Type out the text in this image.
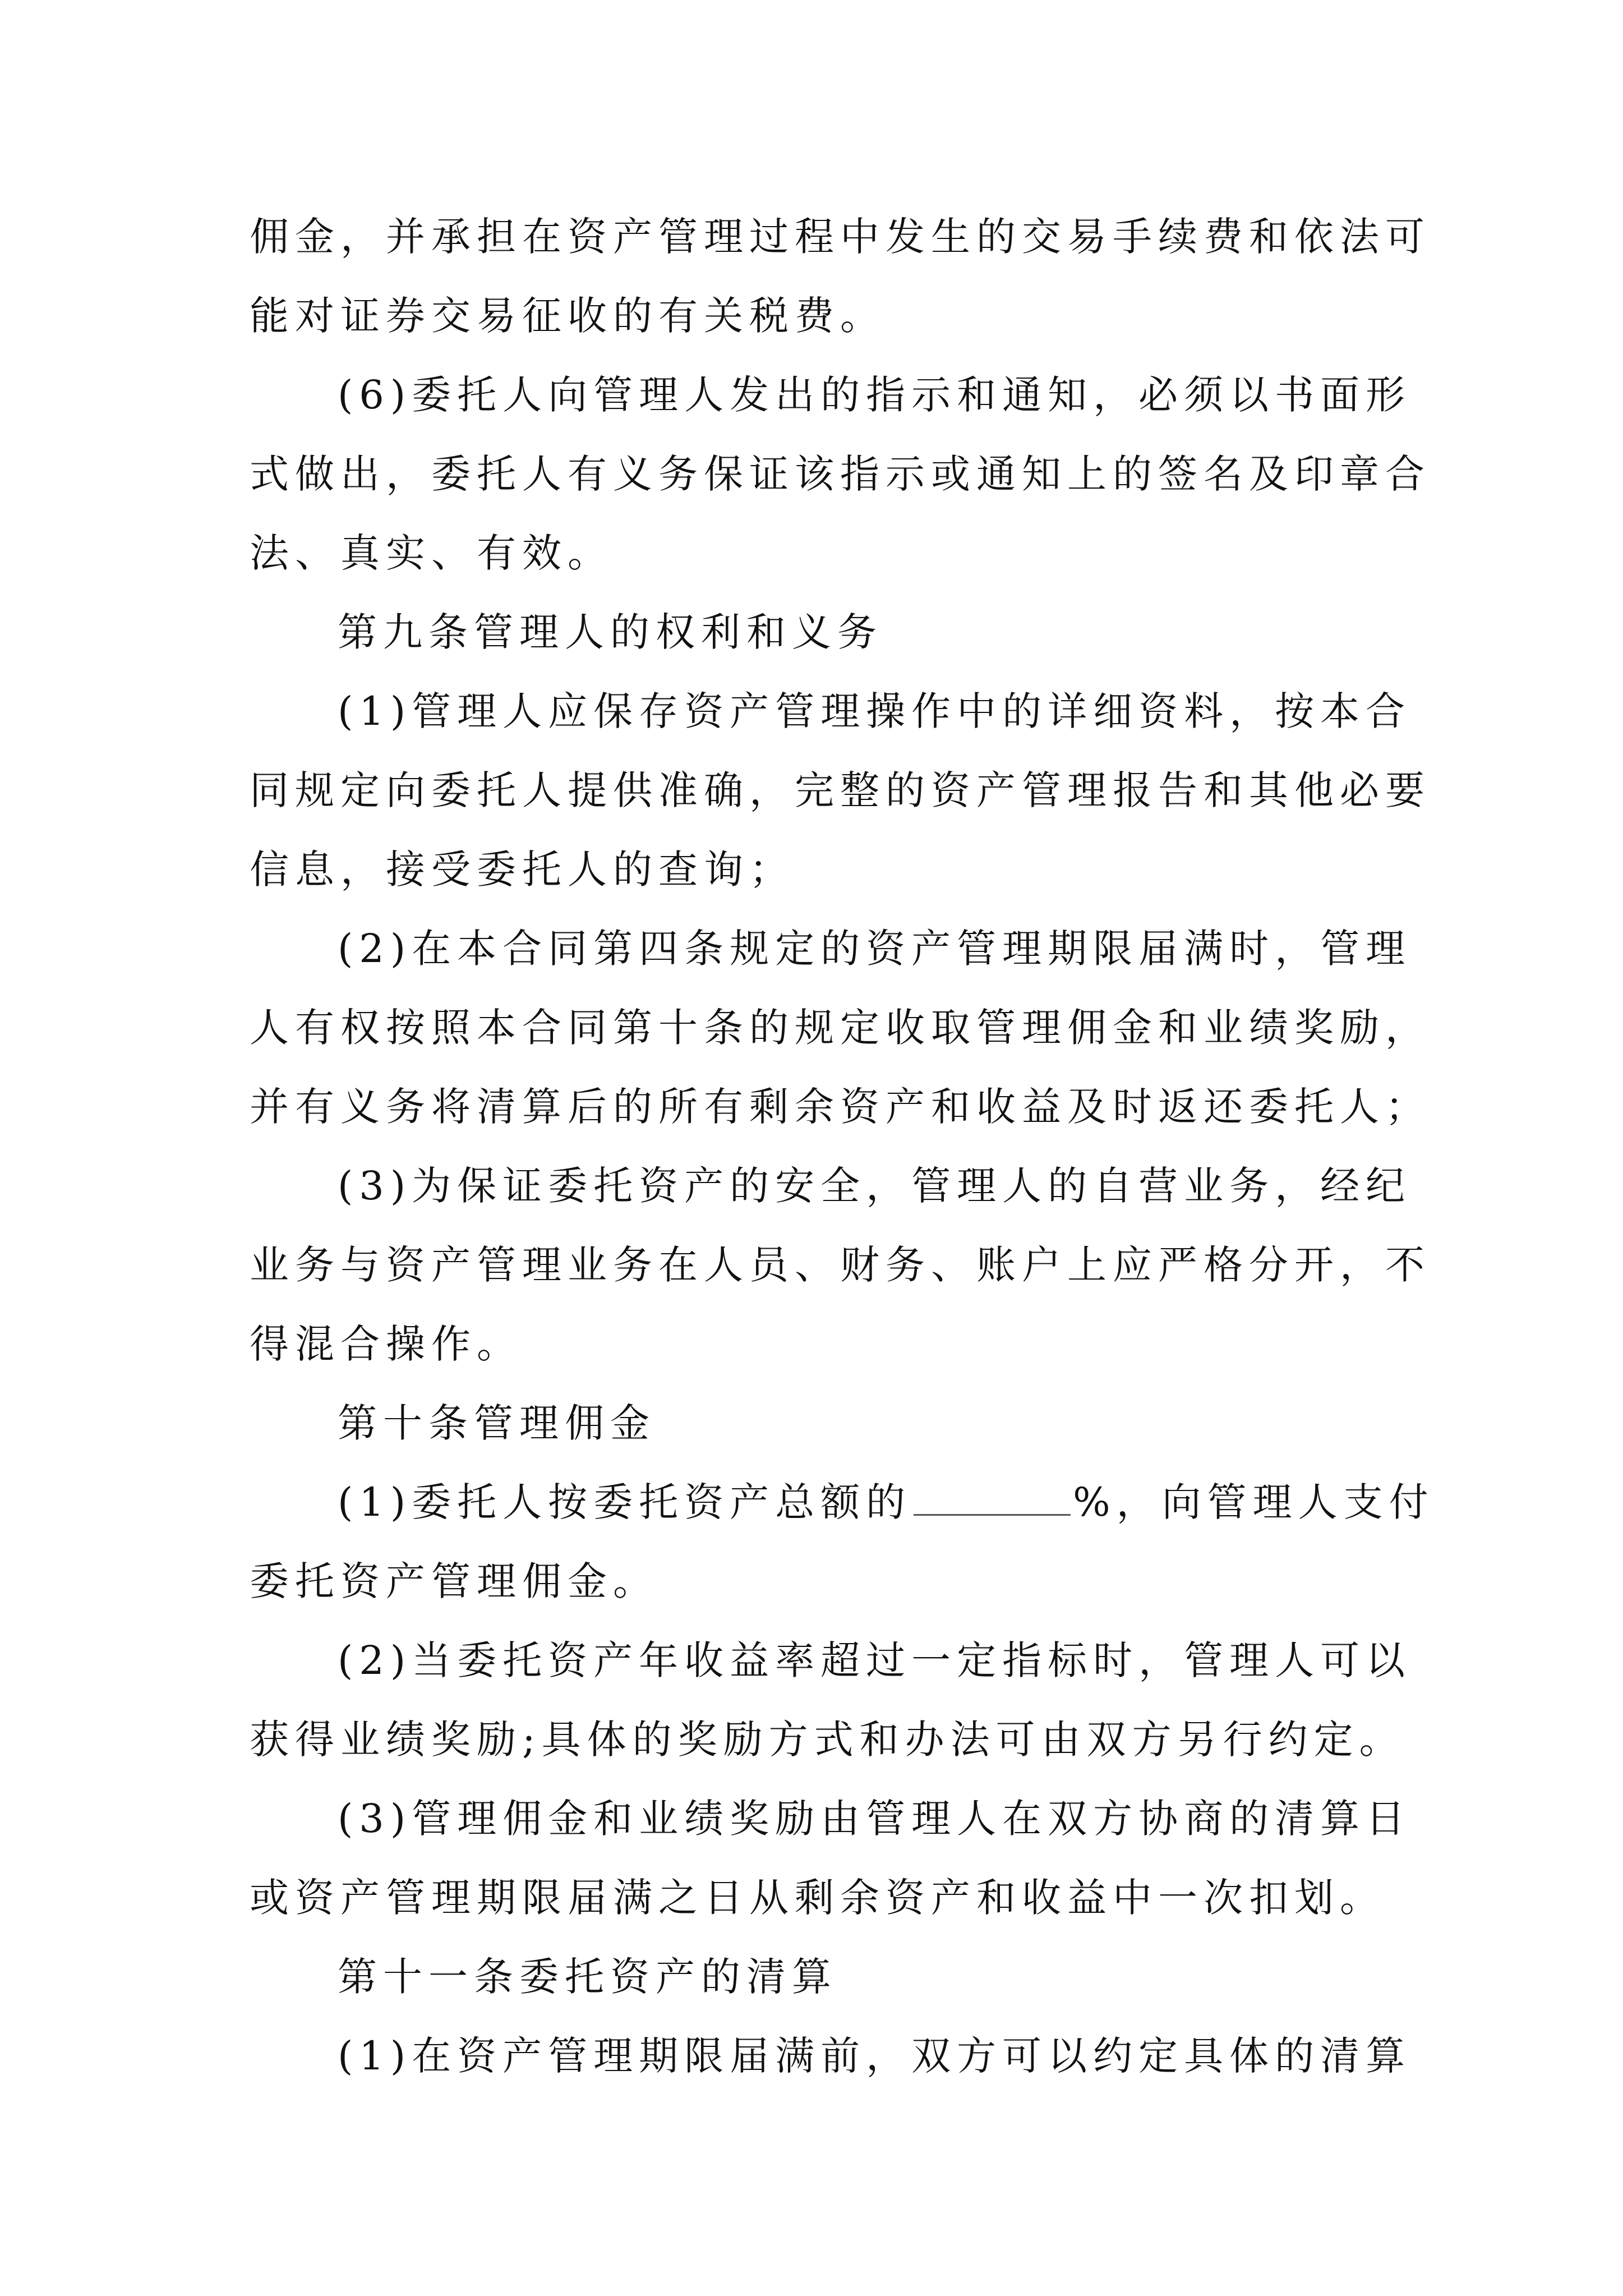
佣金，并承担在资产管理过程中发生的交易手续费和依法可
能对证券交易征收的有关税费。
(6)委托人向管理人发出的指示和通知，必须以书面形
式做出，委托人有义务保证该指示或通知上的签名及印章合
法、真实、有效。
第九条管理人的权利和义务
(1)管理人应保存资产管理操作中的详细资料，按本合
同规定向委托人提供准确，完整的资产管理报告和其他必要
信息，接受委托人的查询；
(2)在本合同第四条规定的资产管理期限届满时，管理
人有权按照本合同第十条的规定收取管理佣金和业绩奖励，
并有义务将清算后的所有剩余资产和收益及时返还委托人；
(3)为保证委托资产的安全，管理人的自营业务，经纪
业务与资产管理业务在人员、财务、账户上应严格分开，不
得混合操作。
第十条管理佣金
(1)委托人按委托资产总额的	%，向管理人支付
委托资产管理佣金。
(2)当委托资产年收益率超过一定指标时，管理人可以
获得业绩奖励;具体的奖励方式和办法可由双方另行约定。
(3)管理佣金和业绩奖励由管理人在双方协商的清算日
或资产管理期限届满之日从剩余资产和收益中一次扣划。
第十一条委托资产的清算
(1)在资产管理期限届满前，双方可以约定具体的清算
